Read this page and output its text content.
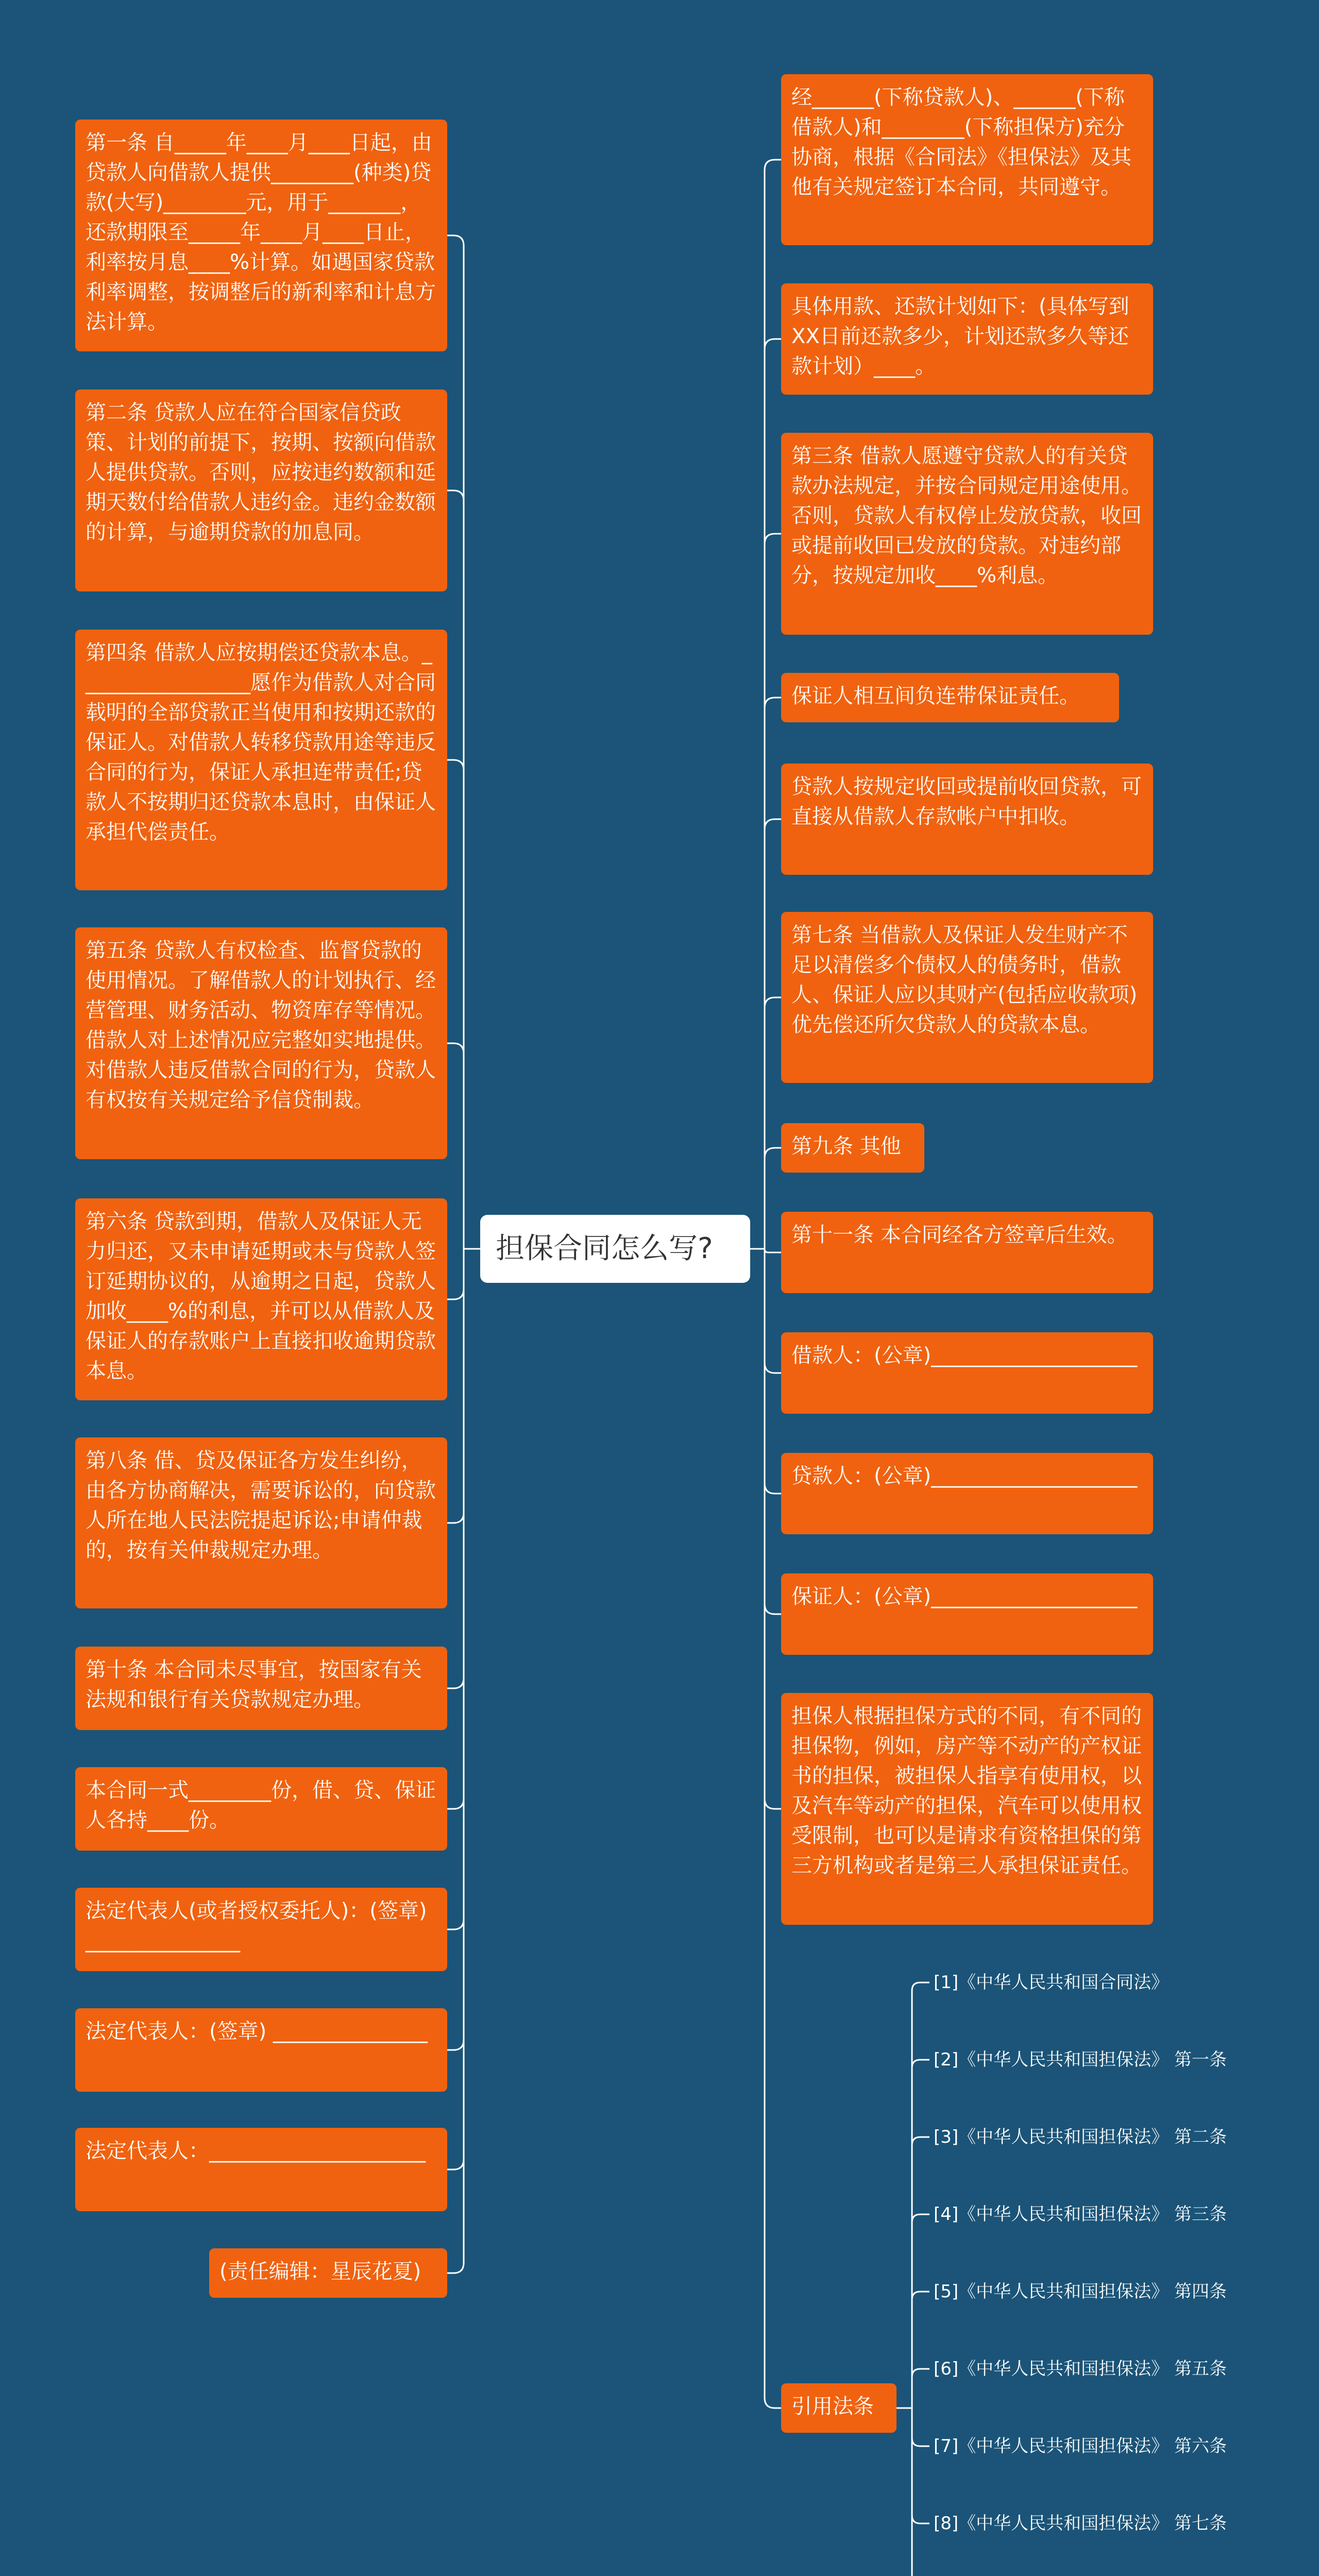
担保合同怎么写?
第一条 自_____年____月____日起，由贷款人向借款人提供________(种类)贷款(大写)________元，用于_______，还款期限至_____年____月____日止，利率按月息____%计算。如遇国家贷款利率调整，按调整后的新利率和计息方法计算。
第二条 贷款人应在符合国家信贷政策、计划的前提下，按期、按额向借款人提供贷款。否则，应按违约数额和延期天数付给借款人违约金。违约金数额的计算，与逾期贷款的加息同。
第四条 借款人应按期偿还贷款本息。_________________愿作为借款人对合同载明的全部贷款正当使用和按期还款的保证人。对借款人转移贷款用途等违反合同的行为，保证人承担连带责任;贷款人不按期归还贷款本息时，由保证人承担代偿责任。
第五条 贷款人有权检查、监督贷款的使用情况。了解借款人的计划执行、经营管理、财务活动、物资库存等情况。借款人对上述情况应完整如实地提供。对借款人违反借款合同的行为，贷款人有权按有关规定给予信贷制裁。
第六条 贷款到期，借款人及保证人无力归还，又未申请延期或未与贷款人签订延期协议的，从逾期之日起，贷款人加收____%的利息，并可以从借款人及保证人的存款账户上直接扣收逾期贷款本息。
第八条 借、贷及保证各方发生纠纷，由各方协商解决，需要诉讼的，向贷款人所在地人民法院提起诉讼;申请仲裁的，按有关仲裁规定办理。
第十条 本合同未尽事宜，按国家有关法规和银行有关贷款规定办理。
本合同一式________份，借、贷、保证人各持____份。
法定代表人(或者授权委托人)：(签章) _______________
法定代表人：(签章) _______________
法定代表人：_____________________
(责任编辑：星辰花夏)
经______(下称贷款人)、______(下称借款人)和________(下称担保方)充分协商，根据《合同法》《担保法》及其他有关规定签订本合同，共同遵守。
具体用款、还款计划如下：(具体写到XX日前还款多少，计划还款多久等还款计划）____。
第三条 借款人愿遵守贷款人的有关贷款办法规定，并按合同规定用途使用。否则，贷款人有权停止发放贷款，收回或提前收回已发放的贷款。对违约部分，按规定加收____%利息。
保证人相互间负连带保证责任。
贷款人按规定收回或提前收回贷款，可直接从借款人存款帐户中扣收。
第七条 当借款人及保证人发生财产不足以清偿多个债权人的债务时，借款人、保证人应以其财产(包括应收款项)优先偿还所欠贷款人的贷款本息。
第九条 其他
第十一条 本合同经各方签章后生效。
借款人：(公章)____________________
贷款人：(公章)____________________
保证人：(公章)____________________
担保人根据担保方式的不同，有不同的担保物，例如，房产等不动产的产权证书的担保，被担保人指享有使用权，以及汽车等动产的担保，汽车可以使用权受限制，也可以是请求有资格担保的第三方机构或者是第三人承担保证责任。
引用法条
[1]《中华人民共和国合同法》
[2]《中华人民共和国担保法》 第一条
[3]《中华人民共和国担保法》 第二条
[4]《中华人民共和国担保法》 第三条
[5]《中华人民共和国担保法》 第四条
[6]《中华人民共和国担保法》 第五条
[7]《中华人民共和国担保法》 第六条
[8]《中华人民共和国担保法》 第七条
